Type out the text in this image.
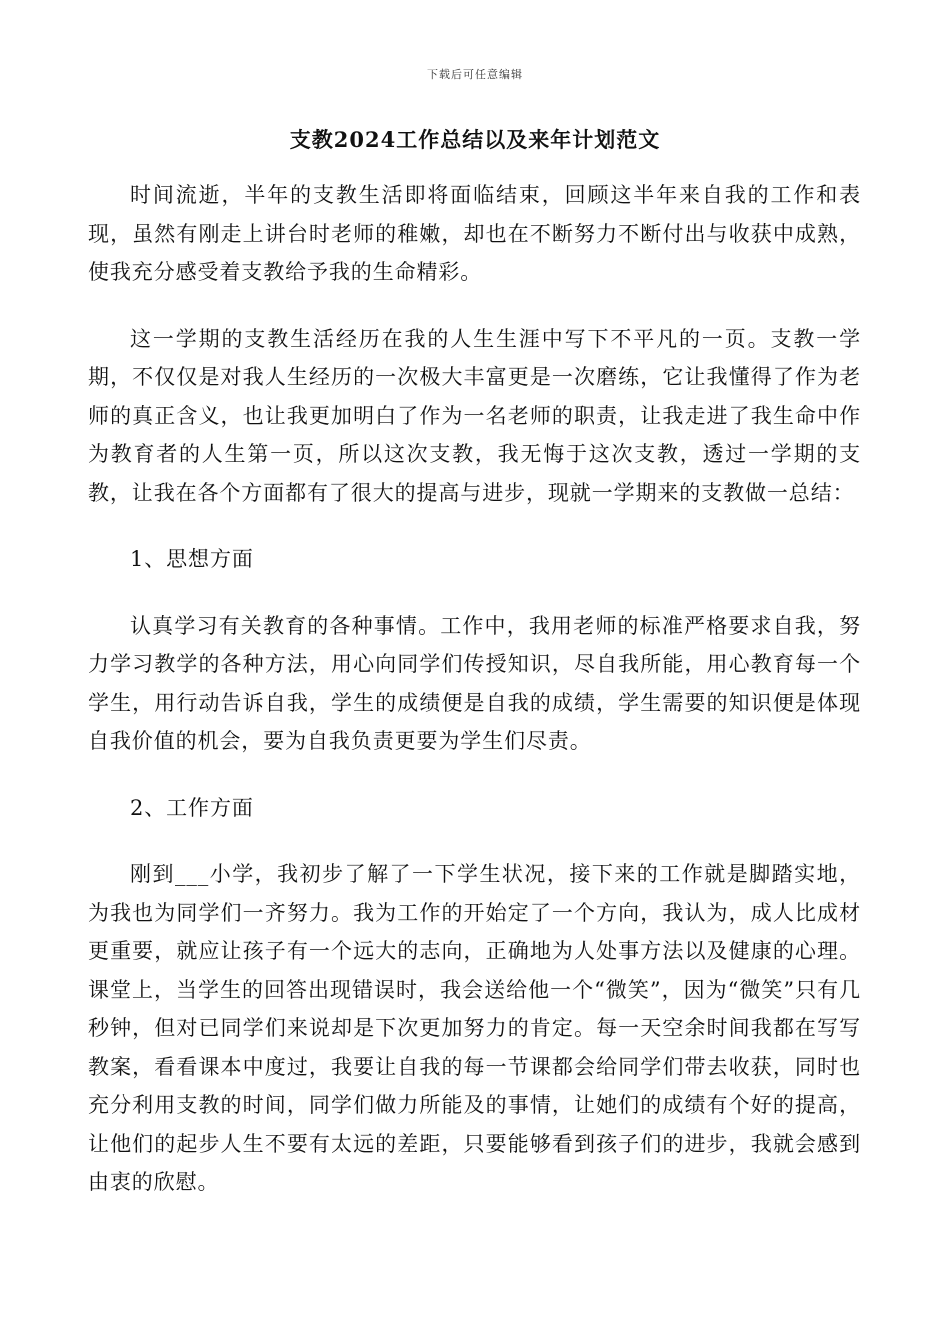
下载后可任意编辑
支教2024工作总结以及来年计划范文

时间流逝，半年的支教生活即将面临结束，回顾这半年来自我的工作和表现，虽然有刚走上讲台时老师的稚嫩，却也在不断努力不断付出与收获中成熟，使我充分感受着支教给予我的生命精彩。

这一学期的支教生活经历在我的人生生涯中写下不平凡的一页。支教一学期，不仅仅是对我人生经历的一次极大丰富更是一次磨练，它让我懂得了作为老师的真正含义，也让我更加明白了作为一名老师的职责，让我走进了我生命中作为教育者的人生第一页，所以这次支教，我无悔于这次支教，透过一学期的支教，让我在各个方面都有了很大的提高与进步，现就一学期来的支教做一总结：

1、思想方面

认真学习有关教育的各种事情。工作中，我用老师的标准严格要求自我，努力学习教学的各种方法，用心向同学们传授知识，尽自我所能，用心教育每一个学生，用行动告诉自我，学生的成绩便是自我的成绩，学生需要的知识便是体现自我价值的机会，要为自我负责更要为学生们尽责。

2、工作方面

刚到___小学，我初步了解了一下学生状况，接下来的工作就是脚踏实地，为我也为同学们一齐努力。我为工作的开始定了一个方向，我认为，成人比成材更重要，就应让孩子有一个远大的志向，正确地为人处事方法以及健康的心理。课堂上，当学生的回答出现错误时，我会送给他一个“微笑”，因为“微笑”只有几秒钟，但对已同学们来说却是下次更加努力的肯定。每一天空余时间我都在写写教案，看看课本中度过，我要让自我的每一节课都会给同学们带去收获，同时也充分利用支教的时间，同学们做力所能及的事情，让她们的成绩有个好的提高，让他们的起步人生不要有太远的差距，只要能够看到孩子们的进步，我就会感到由衷的欣慰。
